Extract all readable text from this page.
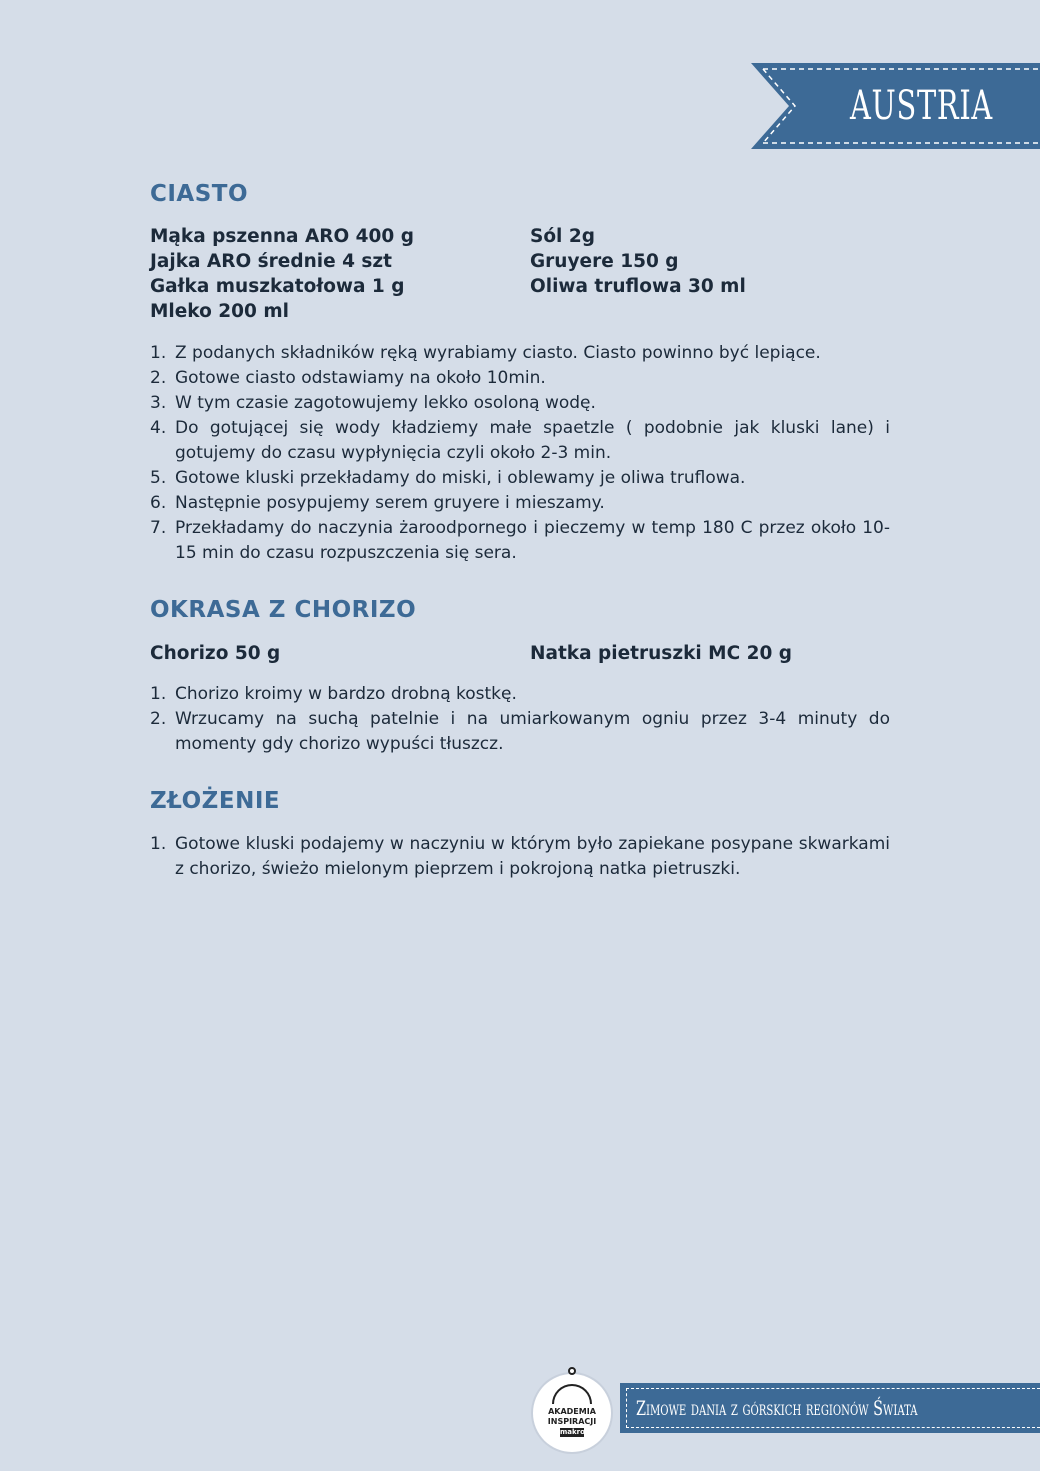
AUSTRIA
CIASTO
Mąka pszenna ARO 400 g
Jajka ARO średnie 4 szt
Gałka muszkatołowa 1 g
Mleko 200 ml
Sól 2g
Gruyere 150 g
Oliwa truflowa 30 ml
1. Z podanych składników ręką wyrabiamy ciasto. Ciasto powinno być lepiące.
2. Gotowe ciasto odstawiamy na około 10min.
3. W tym czasie zagotowujemy lekko osoloną wodę.
4. Do gotującej się wody kładziemy małe spaetzle ( podobnie jak kluski lane) i gotujemy do czasu wypłynięcia czyli około 2-3 min.
5. Gotowe kluski przekładamy do miski, i oblewamy je oliwa truflowa.
6. Następnie posypujemy serem gruyere i mieszamy.
7. Przekładamy do naczynia żaroodpornego i pieczemy w temp 180 C przez około 10-15 min do czasu rozpuszczenia się sera.
OKRASA Z CHORIZO
Chorizo 50 g	Natka pietruszki MC 20 g
1. Chorizo kroimy w bardzo drobną kostkę.
2. Wrzucamy na suchą patelnie i na umiarkowanym ogniu przez 3-4 minuty do momenty gdy chorizo wypuści tłuszcz.
ZŁOŻENIE
1. Gotowe kluski podajemy w naczyniu w którym było zapiekane posypane skwarkami z chorizo, świeżo mielonym pieprzem i pokrojoną natka pietruszki.
Zimowe dania z górskich regionów Świata
AKADEMIA
INSPIRACJI
makro
